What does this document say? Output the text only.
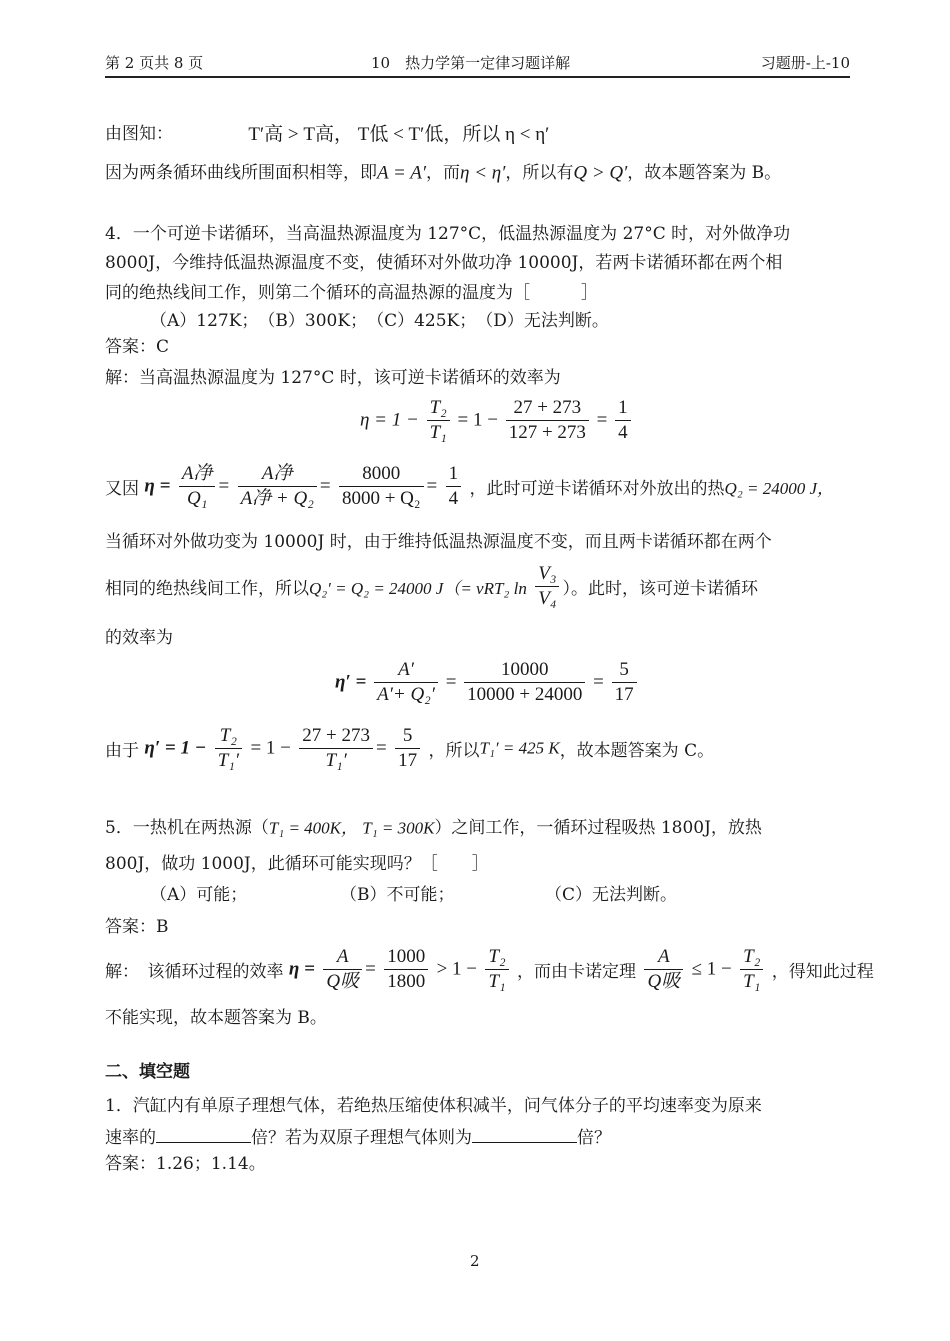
第 2 页共 8 页	10　热力学第一定律习题详解	习题册-上-10
由图知：	T′高 > T高， T低 < T′低，所以 η < η′
因为两条循环曲线所围面积相等，即A = A′，而η < η′，所以有Q > Q′，故本题答案为 B。
4．一个可逆卡诺循环，当高温热源温度为 127°C，低温热源温度为 27°C 时，对外做净功
8000J，今维持低温热源温度不变，使循环对外做功净 10000J，若两卡诺循环都在两个相
同的绝热线间工作，则第二个循环的高温热源的温度为［　　　］
（A）127K；　（B）300K；　（C）425K；　（D）无法判断。
答案：C
解：当高温热源温度为 127°C 时，该可逆卡诺循环的效率为
$\eta = 1 - \frac{\text{T₂}}{\text{T₁}} = 1 - \frac{27 + 273}{127 + 273} = \frac{1}{4}$
又因 $\eta = \frac{\text{A净}}{\text{Q₁}} = \frac{\text{A净}}{\text{A净 + Q₂}} = \frac{8000}{\text{8000 + Q₂}} = \frac{1}{4}$ ，此时可逆卡诺循环对外放出的热Q₂ = 24000 J，
当循环对外做功变为 10000J 时，由于维持低温热源温度不变，而且两卡诺循环都在两个
相同的绝热线间工作，所以Q₂′ = Q₂ = 24000 J（= νRT₂ $\ln \frac{\text{V₃}}{\text{V₄}}$ ）。此时，该可逆卡诺循环
的效率为
$\eta' = \frac{A'}{\text{A′+ Q₂′}} = \frac{10000}{10000 + 24000} = \frac{5}{17}$
由于 $\eta' = 1 - \frac{\text{T₂}}{\text{T₁′}} = 1 - \frac{27 + 273}{\text{T₁′}} = \frac{5}{17}$ ，所以T₁′ = 425 K，故本题答案为 C。
5．一热机在两热源（T₁ = 400K， T₁ = 300K）之间工作，一循环过程吸热 1800J，放热
800J，做功 1000J，此循环可能实现吗？［　　］
（A）可能；	（B）不可能；	（C）无法判断。
答案：B
解：　该循环过程的效率 $\eta = \frac{A}{\text{Q吸}} = \frac{1000}{1800} > 1 - \frac{\text{T₂}}{\text{T₁}}$ ，而由卡诺定理 $\frac{A}{\text{Q吸}} \le 1 - \frac{\text{T₂}}{\text{T₁}}$ ，得知此过程
不能实现，故本题答案为 B。
二、填空题
1．汽缸内有单原子理想气体，若绝热压缩使体积减半，问气体分子的平均速率变为原来
速率的	倍？若为双原子理想气体则为	倍？
答案：1.26；1.14。
2
